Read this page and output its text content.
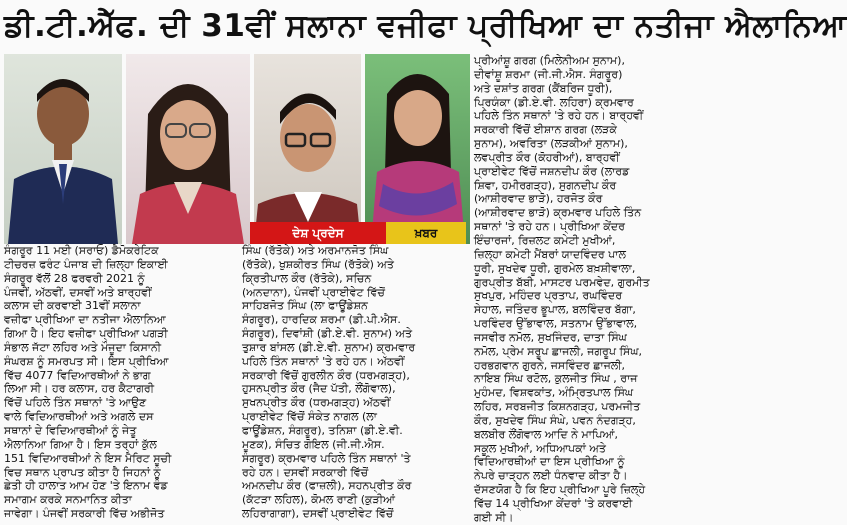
ਡੀ.ਟੀ.ਐੱਫ. ਦੀ 31ਵੀਂ ਸਲਾਨਾ ਵਜੀਫਾ ਪ੍ਰੀਖਿਆ ਦਾ ਨਤੀਜਾ ਐਲਾਨਿਆ
ਦੇਸ਼ ਪ੍ਰਦੇਸ	ਖ਼ਬਰ
ਸੰਗਰੂਰ 11 ਮਈ (ਸਰਾਓ) ਡੈਮੋਕਰੇਟਿਕ
ਟੀਚਰਜ਼ ਫਰੰਟ ਪੰਜਾਬ ਦੀ ਜ਼ਿਲ੍ਹਾ ਇਕਾਈ
ਸੰਗਰੂਰ ਵੱਲੋਂ 28 ਫਰਵਰੀ 2021 ਨੂੰ
ਪੰਜਵੀਂ, ਅੱਠਵੀਂ, ਦਸਵੀਂ ਅਤੇ ਬਾਰ੍ਹਵੀਂ
ਕਲਾਸ ਦੀ ਕਰਵਾਈ 31ਵੀਂ ਸਲਾਨਾ
ਵਜ਼ੀਫਾ ਪ੍ਰੀਖਿਆ ਦਾ ਨਤੀਜਾ ਐਲਾਨਿਆ
ਗਿਆ ਹੈ। ਇਹ ਵਜ਼ੀਫਾ ਪ੍ਰੀਖਿਆ ਪਗੜੀ
ਸੰਭਾਲ ਜੱਟਾ ਲਹਿਰ ਅਤੇ ਮੌਜੂਦਾ ਕਿਸਾਨੀ
ਸੰਘਰਸ਼ ਨੂੰ ਸਮਰਪਤ ਸੀ। ਇਸ ਪ੍ਰੀਖਿਆ
ਵਿੱਚ 4077 ਵਿਦਿਆਰਥੀਆਂ ਨੇ ਭਾਗ
ਲਿਆ ਸੀ। ਹਰ ਕਲਾਸ, ਹਰ ਕੈਟਾਗਰੀ
ਵਿੱਚੋਂ ਪਹਿਲੇ ਤਿੰਨ ਸਥਾਨਾਂ 'ਤੇ ਆਉਣ
ਵਾਲੇ ਵਿਦਿਆਰਥੀਆਂ ਅਤੇ ਅਗਲੇ ਦਸ
ਸਥਾਨਾਂ ਦੇ ਵਿਦਿਆਰਥੀਆਂ ਨੂੰ ਜੇਤੂ
ਐਲਾਨਿਆ ਗਿਆ ਹੈ। ਇਸ ਤਰ੍ਹਾਂ ਕੁੱਲ
151 ਵਿਦਿਆਰਥੀਆਂ ਨੇ ਇਸ ਮੈਰਿਟ ਸੂਚੀ
ਵਿਚ ਸਥਾਨ ਪ੍ਰਾਪਤ ਕੀਤਾ ਹੈ ਜਿਹਨਾਂ ਨੂੰ
ਛੇਤੀ ਹੀ ਹਾਲਾਤ ਆਮ ਹੋਣ 'ਤੇ ਇਨਾਮ ਵੰਡ
ਸਮਾਗਮ ਕਰਕੇ ਸਨਮਾਨਿਤ ਕੀਤਾ
ਜਾਵੇਗਾ। ਪੰਜਵੀਂ ਸਰਕਾਰੀ ਵਿੱਚ ਅਭੀਜੋਤ
ਸਿੰਘ (ਰੱਤੋਕੇ) ਅਤੇ ਅਰਮਾਨਜੋਤ ਸਿੰਘ
(ਰੱਤੋਕੇ), ਖੁਸ਼ਕੀਰਤ ਸਿੰਘ (ਰੱਤੋਕੇ) ਅਤੇ
ਕ੍ਰਿਤੀਪਾਲ ਕੌਰ (ਰੱਤੋਕੇ), ਸਚਿਨ
(ਅਨਦਾਨਾ), ਪੰਜਵੀਂ ਪ੍ਰਾਈਵੇਟ ਵਿੱਚੋਂ
ਸਾਹਿਬਜੋਤ ਸਿੰਘ (ਲਾ ਫਾਊਂਡੇਸ਼ਨ
ਸੰਗਰੂਰ), ਹਾਰਦਿਕ ਸ਼ਰਮਾ (ਡੀ.ਪੀ.ਐਸ.
ਸੰਗਰੂਰ), ਦਿਵਾਂਸ਼ੀ (ਡੀ.ਏ.ਵੀ. ਸੁਨਾਮ) ਅਤੇ
ਤੁਸ਼ਾਰ ਬਾਂਸਲ (ਡੀ.ਏ.ਵੀ. ਸੁਨਾਮ) ਕ੍ਰਮਵਾਰ
ਪਹਿਲੇ ਤਿੰਨ ਸਥਾਨਾਂ 'ਤੇ ਰਹੇ ਹਨ। ਅੱਠਵੀਂ
ਸਰਕਾਰੀ ਵਿੱਚੋਂ ਗੁਰਲੀਨ ਕੌਰ (ਧਰਮਗੜ੍ਹ),
ਹੁਸਨਪ੍ਰੀਤ ਕੌਰ (ਜੈਦ ਪੱਤੀ, ਲੌਂਗੋਵਾਲ),
ਸੁਖਨਪ੍ਰੀਤ ਕੌਰ (ਧਰਮਗੜ੍ਹ) ਅੱਠਵੀਂ
ਪ੍ਰਾਈਵੇਟ ਵਿੱਚੋਂ ਸੰਕੇਤ ਨਾਗਲ (ਲਾ
ਫਾਊਂਡੇਸ਼ਨ, ਸੰਗਰੂਰ), ਤਨਿਸ਼ਾ (ਡੀ.ਏ.ਵੀ.
ਮੂਣਕ), ਸੰਚਿਤ ਗੋਇਲ (ਜੀ.ਜੀ.ਐਸ.
ਸੰਗਰੂਰ) ਕ੍ਰਮਵਾਰ ਪਹਿਲੇ ਤਿੰਨ ਸਥਾਨਾਂ 'ਤੇ
ਰਹੇ ਹਨ। ਦਸਵੀਂ ਸਰਕਾਰੀ ਵਿੱਚੋਂ
ਅਮਨਦੀਪ ਕੌਰ (ਫਾਜ਼ਲੀ), ਸਹਨਪ੍ਰੀਤ ਕੌਰ
(ਕੱਟੜਾ ਲਹਿਲ), ਕੋਮਲ ਰਾਣੀ (ਕੁੜੀਆਂ
ਲਹਿਰਾਗਾਗਾ), ਦਸਵੀਂ ਪ੍ਰਾਈਵੇਟ ਵਿੱਚੋਂ
ਪ੍ਰੀਆਂਸ਼ੂ ਗਰਗ (ਮਿਲੇਨੀਅਮ ਸੁਨਾਮ),
ਦੀਵਾਂਸ਼ੂ ਸ਼ਰਮਾ (ਜੀ.ਜੀ.ਐਸ. ਸੰਗਰੂਰ)
ਅਤੇ ਦਸ਼ਾਂਤ ਗਰਗ (ਕੈਂਬਰਿਜ ਧੂਰੀ),
ਪ੍ਰਿਯੰਕਾ (ਡੀ.ਏ.ਵੀ. ਲਹਿਰਾ) ਕ੍ਰਮਵਾਰ
ਪਹਿਲੇ ਤਿੰਨ ਸਥਾਨਾਂ 'ਤੇ ਰਹੇ ਹਨ। ਬਾਰ੍ਹਵੀਂ
ਸਰਕਾਰੀ ਵਿੱਚੋਂ ਈਸ਼ਾਨ ਗਰਗ (ਲੜਕੇ
ਸੁਨਾਮ), ਅਵਰਿਤਾ (ਲੜਕੀਆਂ ਸੁਨਾਮ),
ਲਵਪ੍ਰੀਤ ਕੌਰ (ਕੋਹਰੀਆਂ), ਬਾਰ੍ਹਵੀਂ
ਪ੍ਰਾਈਵੇਟ ਵਿੱਚੋਂ ਜਸ਼ਨਦੀਪ ਕੌਰ (ਲਾਰਡ
ਸ਼ਿਵਾ, ਹਮੀਰਗੜ੍ਹ), ਸੁਗਨਦੀਪ ਕੌਰ
(ਆਸ਼ੀਰਵਾਦ ਭਾੜੋ), ਹਰਜੋਤ ਕੌਰ
(ਆਸ਼ੀਰਵਾਦ ਭਾੜੋ) ਕ੍ਰਮਵਾਰ ਪਹਿਲੇ ਤਿੰਨ
ਸਥਾਨਾਂ 'ਤੇ ਰਹੇ ਹਨ। ਪ੍ਰੀਖਿਆ ਕੇਂਦਰ
ਇੰਚਾਰਜਾਂ, ਰਿਜ਼ਲਟ ਕਮੇਟੀ ਮੁਖੀਆਂ,
ਜ਼ਿਲ੍ਹਾ ਕਮੇਟੀ ਮੈਂਬਰਾਂ ਯਾਦਵਿੰਦਰ ਪਾਲ
ਧੂਰੀ, ਸੁਖਦੇਵ ਧੂਰੀ, ਗੁਰਮੇਲ ਬਖ਼ਸ਼ੀਵਾਲਾ,
ਗੁਰਪ੍ਰੀਤ ਬੱਬੀ, ਮਾਸਟਰ ਪਰਮਵੇਦ, ਗੁਰਮੀਤ
ਸੁਖਪੁਰ, ਮਹਿੰਦਰ ਪ੍ਰਤਾਪ, ਰਘਵਿੰਦਰ
ਸੇਹਾਲ, ਜਤਿੰਦਰ ਭੂਪਾਲ, ਬਲਵਿੰਦਰ ਬੱਗਾ,
ਪਰਵਿੰਦਰ ਉੱਭਾਵਾਲ, ਸਤਨਾਮ ਉੱਭਾਵਾਲ,
ਜਸਵੀਰ ਨਮੋਲ, ਸੁਖਜਿੰਦਰ, ਦਾਤਾ ਸਿੰਘ
ਨਮੋਲ, ਪ੍ਰੇਮ ਸਰੂਪ ਛਾਜਲੀ, ਜਗਰੂਪ ਸਿੰਘ,
ਹਰਭਗਵਾਨ ਗੁਰਨੇ, ਜਸਵਿੰਦਰ ਛਾਜਲੀ,
ਨਾਇਬ ਸਿੰਘ ਰਟੋਲ, ਕੁਲਜੀਤ ਸਿੰਘ , ਰਾਜ
ਮੁਹੰਮਦ, ਵਿਸ਼ਵਕਾਂਤ, ਅੰਮ੍ਰਿਤਪਾਲ ਸਿੰਘ
ਲਹਿਰ, ਸਰਬਜੀਤ ਕਿਸ਼ਨਗੜ੍ਹ, ਪਰਮਜੀਤ
ਕੌਰ, ਸੁਖਦੇਵ ਸਿੰਘ ਸੰਘੇ, ਪਵਨ ਨੰਦਗੜ੍ਹ,
ਬਲਬੀਰ ਲੌਂਗੋਵਾਲ ਆਦਿ ਨੇ ਮਾਪਿਆਂ,
ਸਕੂਲ ਮੁਖੀਆਂ, ਅਧਿਆਪਕਾਂ ਅਤੇ
ਵਿਦਿਆਰਥੀਆਂ ਦਾ ਇਸ ਪ੍ਰੀਖਿਆ ਨੂੰ
ਨੇਪਰੇ ਚਾੜ੍ਹਨ ਲਈ ਧੰਨਵਾਦ ਕੀਤਾ ਹੈ।
ਦੱਸਣਯੋਗ ਹੈ ਕਿ ਇਹ ਪ੍ਰੀਖਿਆ ਪੂਰੇ ਜ਼ਿਲ੍ਹੇ
ਵਿੱਚ 14 ਪ੍ਰੀਖਿਆ ਕੇਂਦਰਾਂ 'ਤੇ ਕਰਵਾਈ
ਗਈ ਸੀ।
